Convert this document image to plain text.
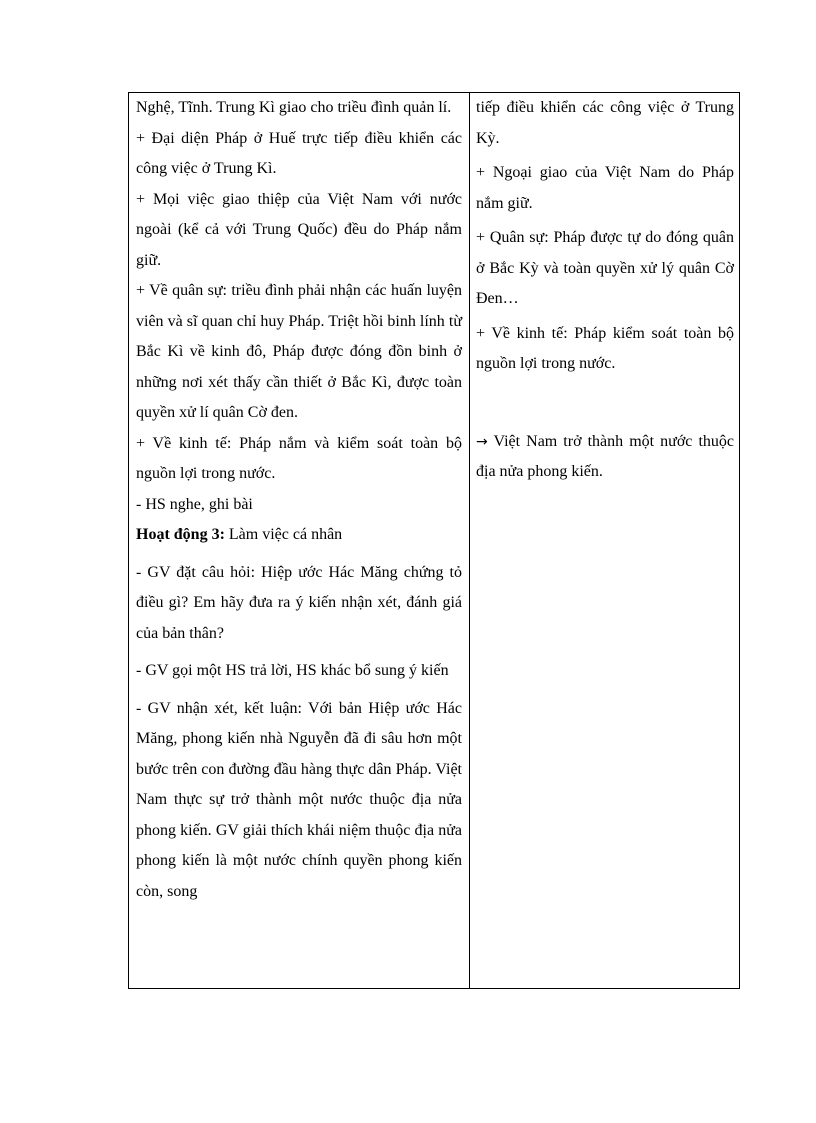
Nghệ, Tĩnh. Trung Kì giao cho triều đình quản lí.

+ Đại diện Pháp ở Huế trực tiếp điều khiển các công việc ở Trung Kì.

+ Mọi việc giao thiệp của Việt Nam với nước ngoài (kể cả với Trung Quốc) đều do Pháp nắm giữ.

+ Về quân sự: triều đình phải nhận các huấn luyện viên và sĩ quan chỉ huy Pháp. Triệt hồi binh lính từ Bắc Kì về kinh đô, Pháp được đóng đồn binh ở những nơi xét thấy cần thiết ở Bắc Kì, được toàn quyền xử lí quân Cờ đen.

+ Về kinh tế: Pháp nắm và kiểm soát toàn bộ nguồn lợi trong nước.

- HS nghe, ghi bài

Hoạt động 3: Làm việc cá nhân

- GV đặt câu hỏi: Hiệp ước Hác Măng chứng tỏ điều gì? Em hãy đưa ra ý kiến nhận xét, đánh giá của bản thân?

- GV gọi một HS trả lời, HS khác bổ sung ý kiến

- GV nhận xét, kết luận: Với bản Hiệp ước Hác Măng, phong kiến nhà Nguyễn đã đi sâu hơn một bước trên con đường đầu hàng thực dân Pháp. Việt Nam thực sự trở thành một nước thuộc địa nửa phong kiến. GV giải thích khái niệm thuộc địa nửa phong kiến là một nước chính quyền phong kiến còn, song

tiếp điều khiển các công việc ở Trung Kỳ.

+ Ngoại giao của Việt Nam do Pháp nắm giữ.

+ Quân sự: Pháp được tự do đóng quân ở Bắc Kỳ và toàn quyền xử lý quân Cờ Đen…

+ Về kinh tế: Pháp kiểm soát toàn bộ nguồn lợi trong nước.

→ Việt Nam trở thành một nước thuộc địa nửa phong kiến.
